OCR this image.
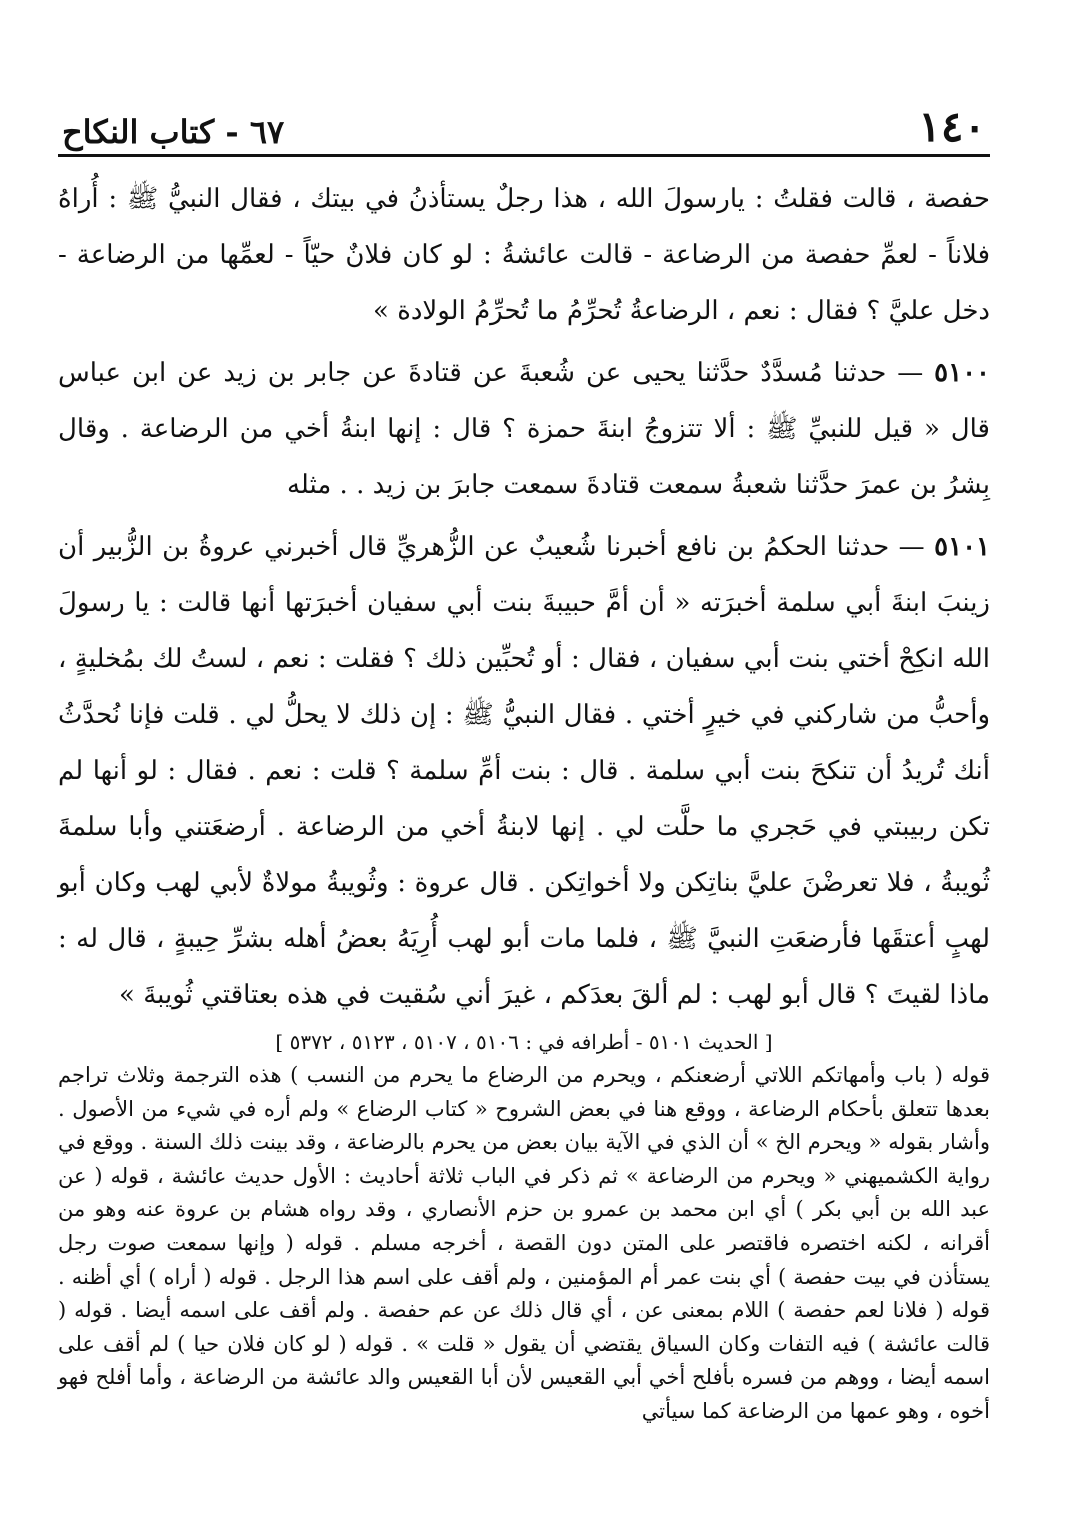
١٤٠
٦٧ - كتاب النكاح

حفصة ، قالت فقلتُ : يارسولَ الله ، هذا رجلٌ يستأذنُ في بيتك ، فقال النبيُّ ﷺ : أُراهُ فلاناً - لعمِّ حفصة من الرضاعة - قالت عائشةُ : لو كان فلانٌ حيّاً - لعمِّها من الرضاعة - دخل عليَّ ؟ فقال : نعم ، الرضاعةُ تُحرِّمُ ما تُحرِّمُ الولادة »

٥١٠٠ — حدثنا مُسدَّدٌ حدَّثنا يحيى عن شُعبةَ عن قتادةَ عن جابر بن زيد عن ابن عباس قال « قيل للنبيِّ ﷺ : ألا تتزوجُ ابنةَ حمزة ؟ قال : إنها ابنةُ أخي من الرضاعة . وقال بِشرُ بن عمرَ حدَّثنا شعبةُ سمعت قتادةَ سمعت جابرَ بن زيد . . مثله

٥١٠١ — حدثنا الحكمُ بن نافع أخبرنا شُعيبٌ عن الزُّهريِّ قال أخبرني عروةُ بن الزُّبير أن زينبَ ابنةَ أبي سلمة أخبرَته « أن أمَّ حبيبةَ بنت أبي سفيان أخبرَتها أنها قالت : يا رسولَ الله انكِحْ أختي بنت أبي سفيان ، فقال : أو تُحبِّين ذلك ؟ فقلت : نعم ، لستُ لك بمُخليةٍ ، وأحبُّ من شاركني في خيرٍ أختي . فقال النبيُّ ﷺ : إن ذلك لا يحلُّ لي . قلت فإنا نُحدَّثُ أنك تُريدُ أن تنكحَ بنت أبي سلمة . قال : بنت أمِّ سلمة ؟ قلت : نعم . فقال : لو أنها لم تكن ربيبتي في حَجري ما حلَّت لي . إنها لابنةُ أخي من الرضاعة . أرضعَتني وأبا سلمةَ ثُويبةُ ، فلا تعرضْنَ عليَّ بناتِكن ولا أخواتِكن . قال عروة : وثُويبةُ مولاةٌ لأبي لهب وكان أبو لهبٍ أعتقَها فأرضعَتِ النبيَّ ﷺ ، فلما مات أبو لهب أُرِيَهُ بعضُ أهله بشرِّ حِيبةٍ ، قال له : ماذا لقيتَ ؟ قال أبو لهب : لم ألقَ بعدَكم ، غيرَ أني سُقيت في هذه بعتاقتي ثُويبةَ »

[ الحديث ٥١٠١ - أطرافه في : ٥١٠٦ ، ٥١٠٧ ، ٥١٢٣ ، ٥٣٧٢ ]

قوله ( باب وأمهاتكم اللاتي أرضعنكم ، ويحرم من الرضاع ما يحرم من النسب ) هذه الترجمة وثلاث تراجم بعدها تتعلق بأحكام الرضاعة ، ووقع هنا في بعض الشروح « كتاب الرضاع » ولم أره في شيء من الأصول . وأشار بقوله « ويحرم الخ » أن الذي في الآية بيان بعض من يحرم بالرضاعة ، وقد بينت ذلك السنة . ووقع في رواية الكشميهني « ويحرم من الرضاعة » ثم ذكر في الباب ثلاثة أحاديث : الأول حديث عائشة ، قوله ( عن عبد الله بن أبي بكر ) أي ابن محمد بن عمرو بن حزم الأنصاري ، وقد رواه هشام بن عروة عنه وهو من أقرانه ، لكنه اختصره فاقتصر على المتن دون القصة ، أخرجه مسلم . قوله ( وإنها سمعت صوت رجل يستأذن في بيت حفصة ) أي بنت عمر أم المؤمنين ، ولم أقف على اسم هذا الرجل . قوله ( أراه ) أي أظنه . قوله ( فلانا لعم حفصة ) اللام بمعنى عن ، أي قال ذلك عن عم حفصة . ولم أقف على اسمه أيضا . قوله ( قالت عائشة ) فيه التفات وكان السياق يقتضي أن يقول « قلت » . قوله ( لو كان فلان حيا ) لم أقف على اسمه أيضا ، ووهم من فسره بأفلح أخي أبي القعيس لأن أبا القعيس والد عائشة من الرضاعة ، وأما أفلح فهو أخوه ، وهو عمها من الرضاعة كما سيأتي
